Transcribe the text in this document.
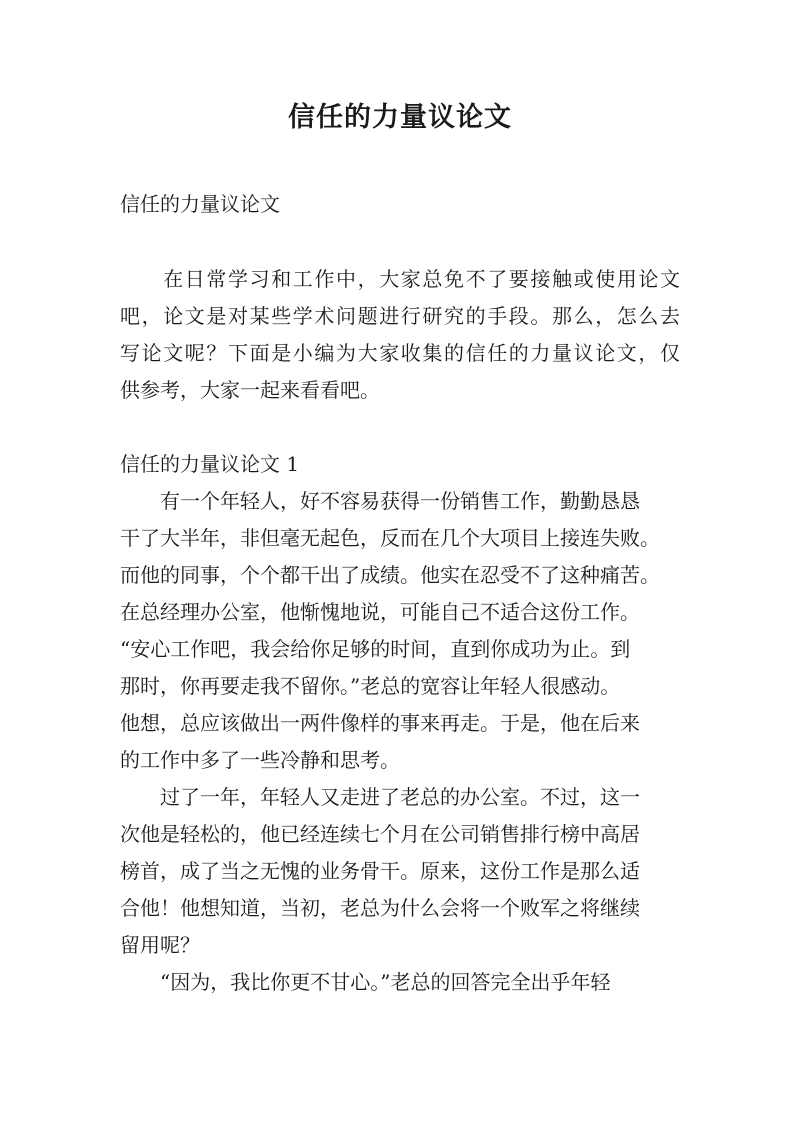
信任的力量议论文
信任的力量议论文
　　在日常学习和工作中，大家总免不了要接触或使用论文
吧，论文是对某些学术问题进行研究的手段。那么，怎么去
写论文呢？下面是小编为大家收集的信任的力量议论文，仅
供参考，大家一起来看看吧。
信任的力量议论文 1
　　有一个年轻人，好不容易获得一份销售工作，勤勤恳恳
干了大半年，非但毫无起色，反而在几个大项目上接连失败。
而他的同事，个个都干出了成绩。他实在忍受不了这种痛苦。
在总经理办公室，他惭愧地说，可能自己不适合这份工作。
“安心工作吧，我会给你足够的时间，直到你成功为止。到
那时，你再要走我不留你。”老总的宽容让年轻人很感动。
他想，总应该做出一两件像样的事来再走。于是，他在后来
的工作中多了一些冷静和思考。
　　过了一年，年轻人又走进了老总的办公室。不过，这一
次他是轻松的，他已经连续七个月在公司销售排行榜中高居
榜首，成了当之无愧的业务骨干。原来，这份工作是那么适
合他！他想知道，当初，老总为什么会将一个败军之将继续
留用呢？
　　“因为，我比你更不甘心。”老总的回答完全出乎年轻
